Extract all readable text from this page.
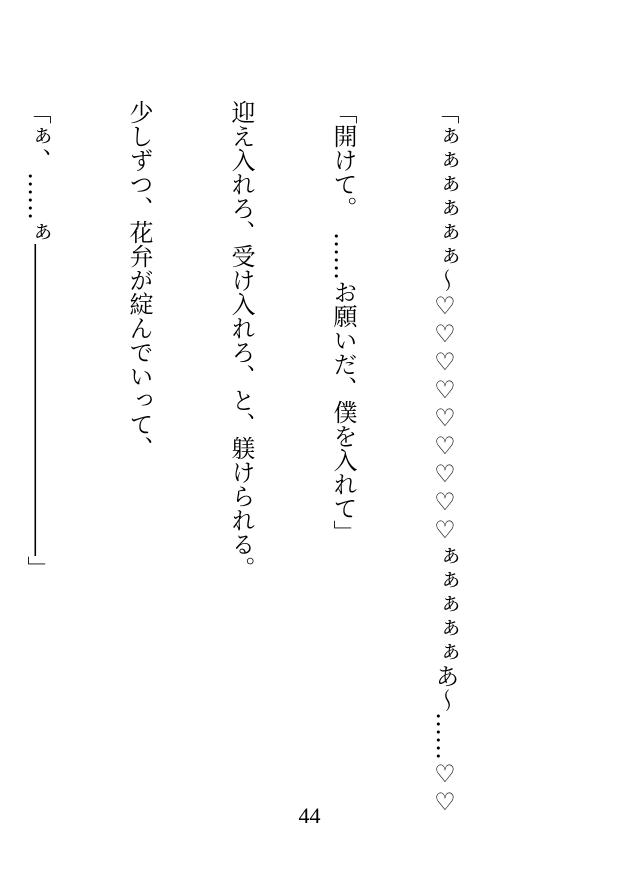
「ぁぁぁぁぁぁ〜♡♡♡♡♡♡♡♡♡ぁぁぁぁぁあ〜……♡♡

「開けて。　……お願いだ、僕を入れて」

迎え入れろ、受け入れろ、と、躾けられる。

少しずつ、花弁が綻んでいって、

「ぁ、……ぁ―――――――――――――」

44
